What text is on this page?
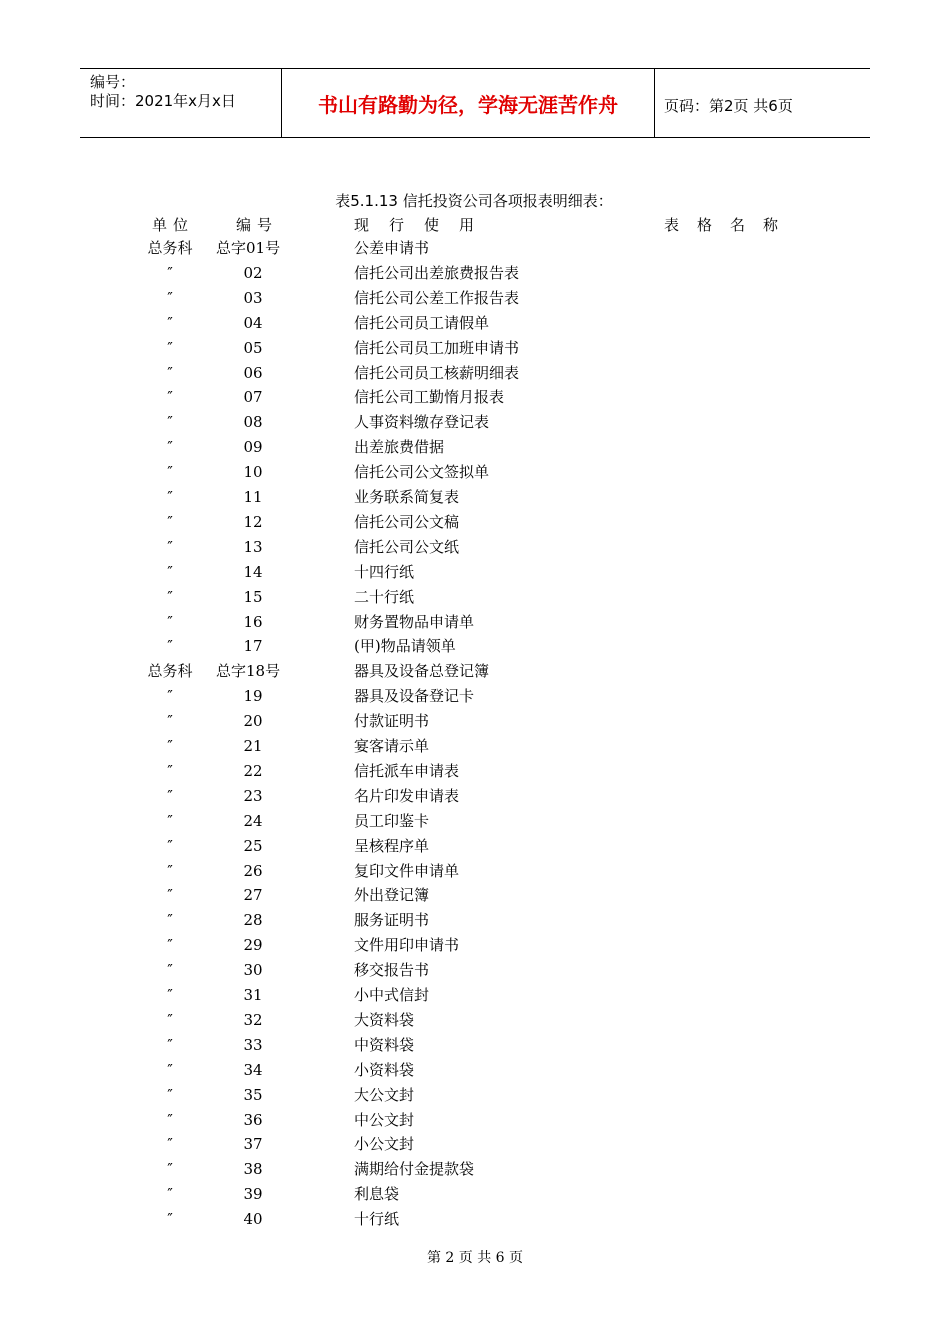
编号：
时间：2021年x月x日	书山有路勤为径，学海无涯苦作舟	页码：第2页 共6页
表5.1.13 信托投资公司各项报表明细表：
单位	编号	现行使用	表格名称
总务科 总字01号	公差申请书
″	02	信托公司出差旅费报告表
″	03	信托公司公差工作报告表
″	04	信托公司员工请假单
″	05	信托公司员工加班申请书
″	06	信托公司员工核薪明细表
″	07	信托公司工勤惰月报表
″	08	人事资料缴存登记表
″	09	出差旅费借据
″	10	信托公司公文签拟单
″	11	业务联系简复表
″	12	信托公司公文稿
″	13	信托公司公文纸
″	14	十四行纸
″	15	二十行纸
″	16	财务置物品申请单
″	17	(甲)物品请领单
总务科 总字18号	器具及设备总登记簿
″	19	器具及设备登记卡
″	20	付款证明书
″	21	宴客请示单
″	22	信托派车申请表
″	23	名片印发申请表
″	24	员工印鉴卡
″	25	呈核程序单
″	26	复印文件申请单
″	27	外出登记簿
″	28	服务证明书
″	29	文件用印申请书
″	30	移交报告书
″	31	小中式信封
″	32	大资料袋
″	33	中资料袋
″	34	小资料袋
″	35	大公文封
″	36	中公文封
″	37	小公文封
″	38	满期给付金提款袋
″	39	利息袋
″	40	十行纸
第 2 页 共 6 页
